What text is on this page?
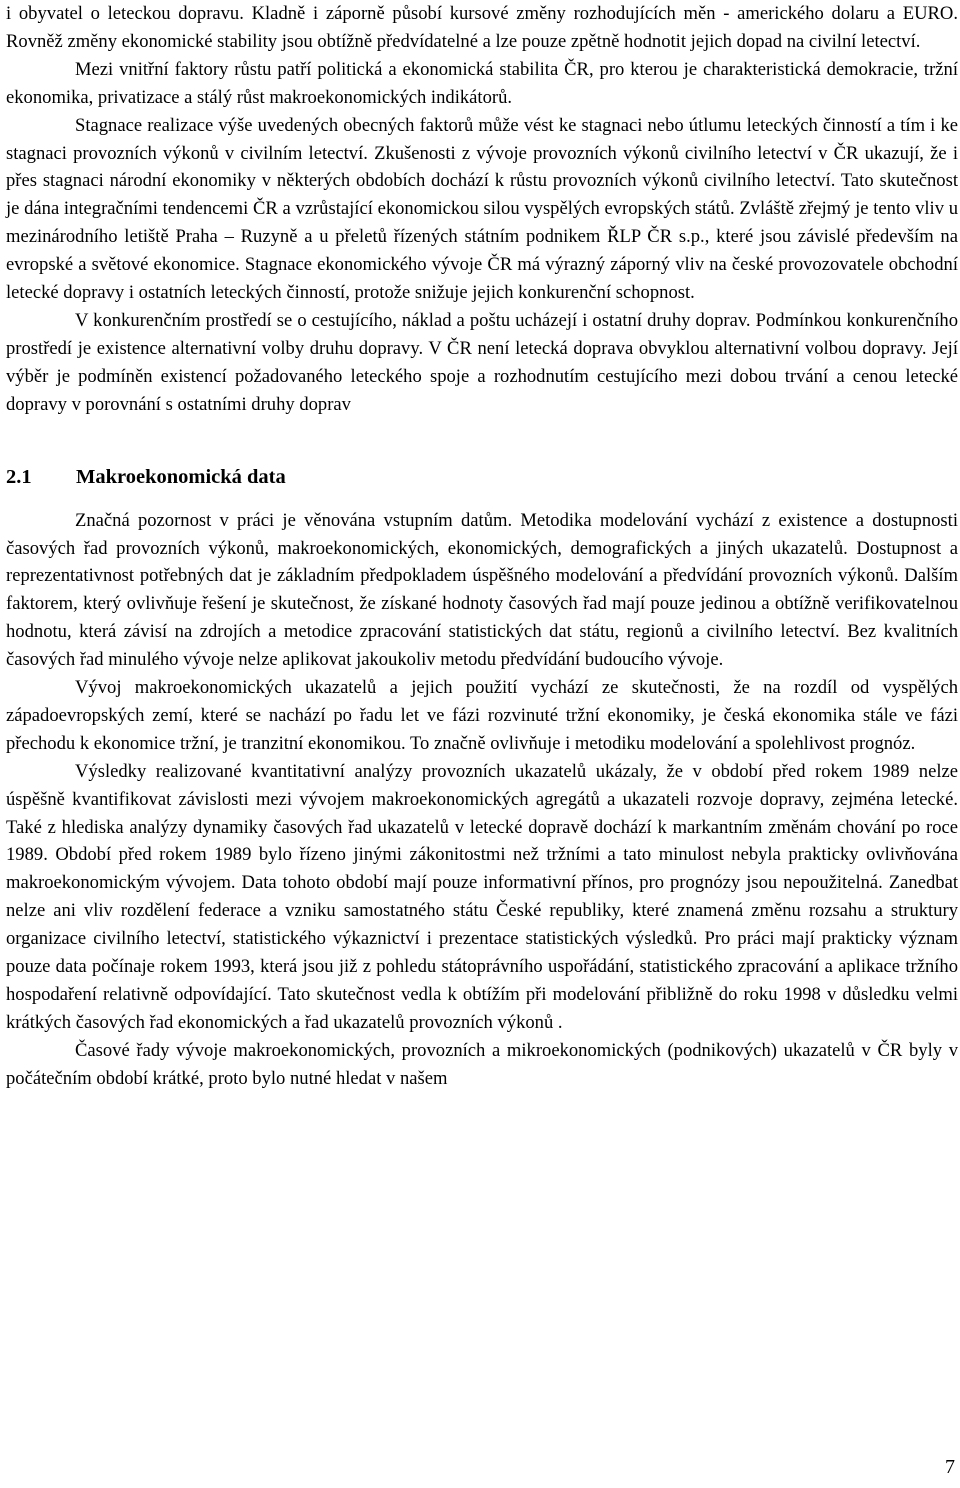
i obyvatel o leteckou dopravu. Kladně i záporně působí kursové změny rozhodujících měn - amerického dolaru a EURO. Rovněž změny ekonomické stability jsou obtížně předvídatelné a lze pouze zpětně hodnotit jejich dopad na civilní letectví.

Mezi vnitřní faktory růstu patří politická a ekonomická stabilita ČR, pro kterou je charakteristická demokracie, tržní ekonomika, privatizace a stálý růst makroekonomických indikátorů.

Stagnace realizace výše uvedených obecných faktorů může vést ke stagnaci nebo útlumu leteckých činností a tím i ke stagnaci provozních výkonů v civilním letectví. Zkušenosti z vývoje provozních výkonů civilního letectví v ČR ukazují, že i přes stagnaci národní ekonomiky v některých obdobích dochází k růstu provozních výkonů civilního letectví. Tato skutečnost je dána integračními tendencemi ČR a vzrůstající ekonomickou silou vyspělých evropských států. Zvláště zřejmý je tento vliv u mezinárodního letiště Praha – Ruzyně a u přeletů řízených státním podnikem ŘLP ČR s.p., které jsou závislé především na evropské a světové ekonomice. Stagnace ekonomického vývoje ČR má výrazný záporný vliv na české provozovatele obchodní letecké dopravy i ostatních leteckých činností, protože snižuje jejich konkurenční schopnost.

V konkurenčním prostředí se o cestujícího, náklad a poštu ucházejí i ostatní druhy doprav. Podmínkou konkurenčního prostředí je existence alternativní volby druhu dopravy. V ČR není letecká doprava obvyklou alternativní volbou dopravy. Její výběr je podmíněn existencí požadovaného leteckého spoje a rozhodnutím cestujícího mezi dobou trvání a cenou letecké dopravy v porovnání s ostatními druhy doprav

2.1	Makroekonomická data

Značná pozornost v práci je věnována vstupním datům. Metodika modelování vychází z existence a dostupnosti časových řad provozních výkonů, makroekonomických, ekonomických, demografických a jiných ukazatelů. Dostupnost a reprezentativnost potřebných dat je základním předpokladem úspěšného modelování a předvídání provozních výkonů. Dalším faktorem, který ovlivňuje řešení je skutečnost, že získané hodnoty časových řad mají pouze jedinou a obtížně verifikovatelnou hodnotu, která závisí na zdrojích a metodice zpracování statistických dat státu, regionů a civilního letectví. Bez kvalitních časových řad minulého vývoje nelze aplikovat jakoukoliv metodu předvídání budoucího vývoje.

Vývoj makroekonomických ukazatelů a jejich použití vychází ze skutečnosti, že na rozdíl od vyspělých západoevropských zemí, které se nachází po řadu let ve fázi rozvinuté tržní ekonomiky, je česká ekonomika stále ve fázi přechodu k ekonomice tržní, je tranzitní ekonomikou. To značně ovlivňuje i metodiku modelování a spolehlivost prognóz.

Výsledky realizované kvantitativní analýzy provozních ukazatelů ukázaly, že v období před rokem 1989 nelze úspěšně kvantifikovat závislosti mezi vývojem makroekonomických agregátů a ukazateli rozvoje dopravy, zejména letecké. Také z hlediska analýzy dynamiky časových řad ukazatelů v letecké dopravě dochází k markantním změnám chování po roce 1989. Období před rokem 1989 bylo řízeno jinými zákonitostmi než tržními a tato minulost nebyla prakticky ovlivňována makroekonomickým vývojem. Data tohoto období mají pouze informativní přínos, pro prognózy jsou nepoužitelná. Zanedbat nelze ani vliv rozdělení federace a vzniku samostatného státu České republiky, které znamená změnu rozsahu a struktury organizace civilního letectví, statistického výkaznictví i prezentace statistických výsledků. Pro práci mají prakticky význam pouze data počínaje rokem 1993, která jsou již z pohledu státoprávního uspořádání, statistického zpracování a aplikace tržního hospodaření relativně odpovídající. Tato skutečnost vedla k obtížím při modelování přibližně do roku 1998 v důsledku velmi krátkých časových řad ekonomických a řad ukazatelů provozních výkonů .

Časové řady vývoje makroekonomických, provozních a mikroekonomických (podnikových) ukazatelů v ČR byly v počátečním období krátké, proto bylo nutné hledat v našem

7
